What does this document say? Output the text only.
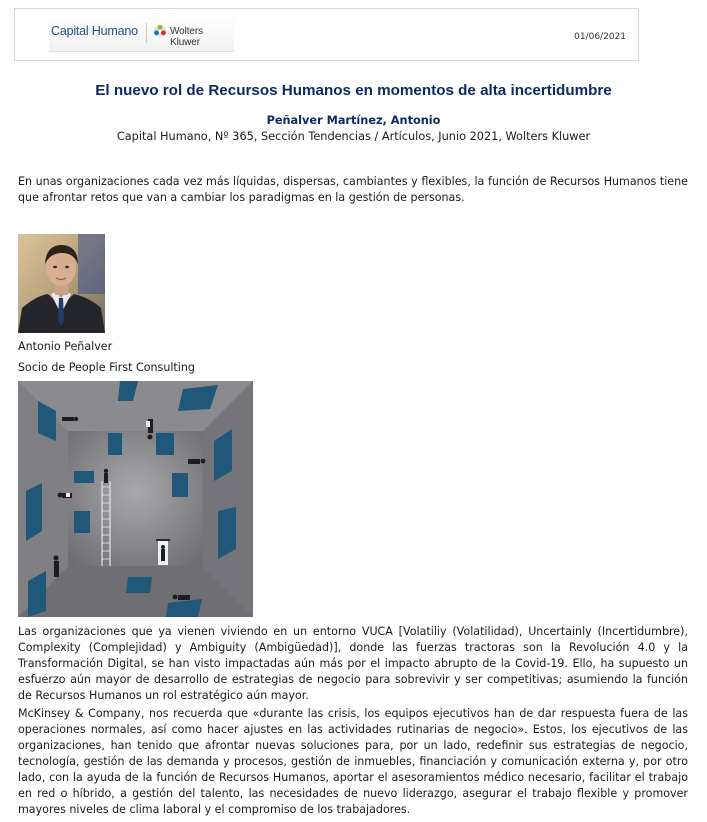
Capital Humano	Wolters Kluwer	01/06/2021
El nuevo rol de Recursos Humanos en momentos de alta incertidumbre
Peñalver Martínez, Antonio
Capital Humano, Nº 365, Sección Tendencias / Artículos, Junio 2021, Wolters Kluwer

En unas organizaciones cada vez más líquidas, dispersas, cambiantes y flexibles, la función de Recursos Humanos tiene que afrontar retos que van a cambiar los paradigmas en la gestión de personas.

Antonio Peñalver
Socio de People First Consulting

Las organizaciones que ya vienen viviendo en un entorno VUCA [Volatiliy (Volatilidad), Uncertainly (Incertidumbre), Complexity (Complejidad) y Ambiguity (Ambigüedad)], donde las fuerzas tractoras son la Revolución 4.0 y la Transformación Digital, se han visto impactadas aún más por el impacto abrupto de la Covid-19. Ello, ha supuesto un esfuerzo aún mayor de desarrollo de estrategias de negocio para sobrevivir y ser competitivas; asumiendo la función de Recursos Humanos un rol estratégico aún mayor.

McKinsey & Company, nos recuerda que «durante las crisis, los equipos ejecutivos han de dar respuesta fuera de las operaciones normales, así como hacer ajustes en las actividades rutinarias de negocio». Estos, los ejecutivos de las organizaciones, han tenido que afrontar nuevas soluciones para, por un lado, redefinir sus estrategias de negocio, tecnología, gestión de las demanda y procesos, gestión de inmuebles, financiación y comunicación externa y, por otro lado, con la ayuda de la función de Recursos Humanos, aportar el asesoramientos médico necesario, facilitar el trabajo en red o híbrido, a gestión del talento, las necesidades de nuevo liderazgo, asegurar el trabajo flexible y promover mayores niveles de clima laboral y el compromiso de los trabajadores.
